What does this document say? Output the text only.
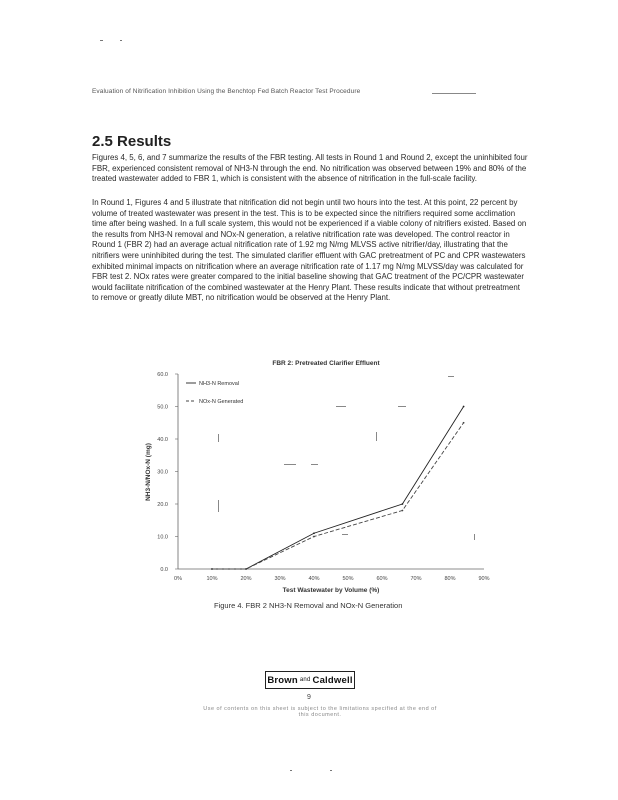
Evaluation of Nitrification Inhibition Using the Benchtop Fed Batch Reactor Test Procedure
2.5 Results

Figures 4, 5, 6, and 7 summarize the results of the FBR testing. All tests in Round 1 and Round 2, except the uninhibited four FBR, experienced consistent removal of NH3-N through the end. No nitrification was observed between 19% and 80% of the treated wastewater added to FBR 1, which is consistent with the absence of nitrification in the full-scale facility.

In Round 1, Figures 4 and 5 illustrate that nitrification did not begin until two hours into the test. At this point, 22 percent by volume of treated wastewater was present in the test. This is to be expected since the nitrifiers required some acclimation time after being washed. In a full scale system, this would not be experienced if a viable colony of nitrifiers existed. Based on the results from NH3-N removal and NOx-N generation, a relative nitrification rate was developed. The control reactor in Round 1 (FBR 2) had an average actual nitrification rate of 1.92 mg N/mg MLVSS active nitrifier/day, illustrating that the nitrifiers were uninhibited during the test. The simulated clarifier effluent with GAC pretreatment of PC and CPR wastewaters exhibited minimal impacts on nitrification where an average nitrification rate of 1.17 mg N/mg MLVSS/day was calculated for FBR test 2. NOx rates were greater compared to the initial baseline showing that GAC treatment of the PC/CPR wastewater would facilitate nitrification of the combined wastewater at the Henry Plant. These results indicate that without pretreatment to remove or greatly dilute MBT, no nitrification would be observed at the Henry Plant.

FBR 2: Pretreated Clarifier Effluent
0.0
10.0
20.0
30.0
40.0
50.0
60.0
0%	10%	20%	30%	40%	50%	60%	70%	80%	90%
NH3-N/NOx-N (mg)
Test Wastewater by Volume (%)
NH3-N Removal
NOx-N Generated
Figure 4. FBR 2 NH3-N Removal and NOx-N Generation
Brown and Caldwell
9
Use of contents on this sheet is subject to the limitations specified at the end of this document.
